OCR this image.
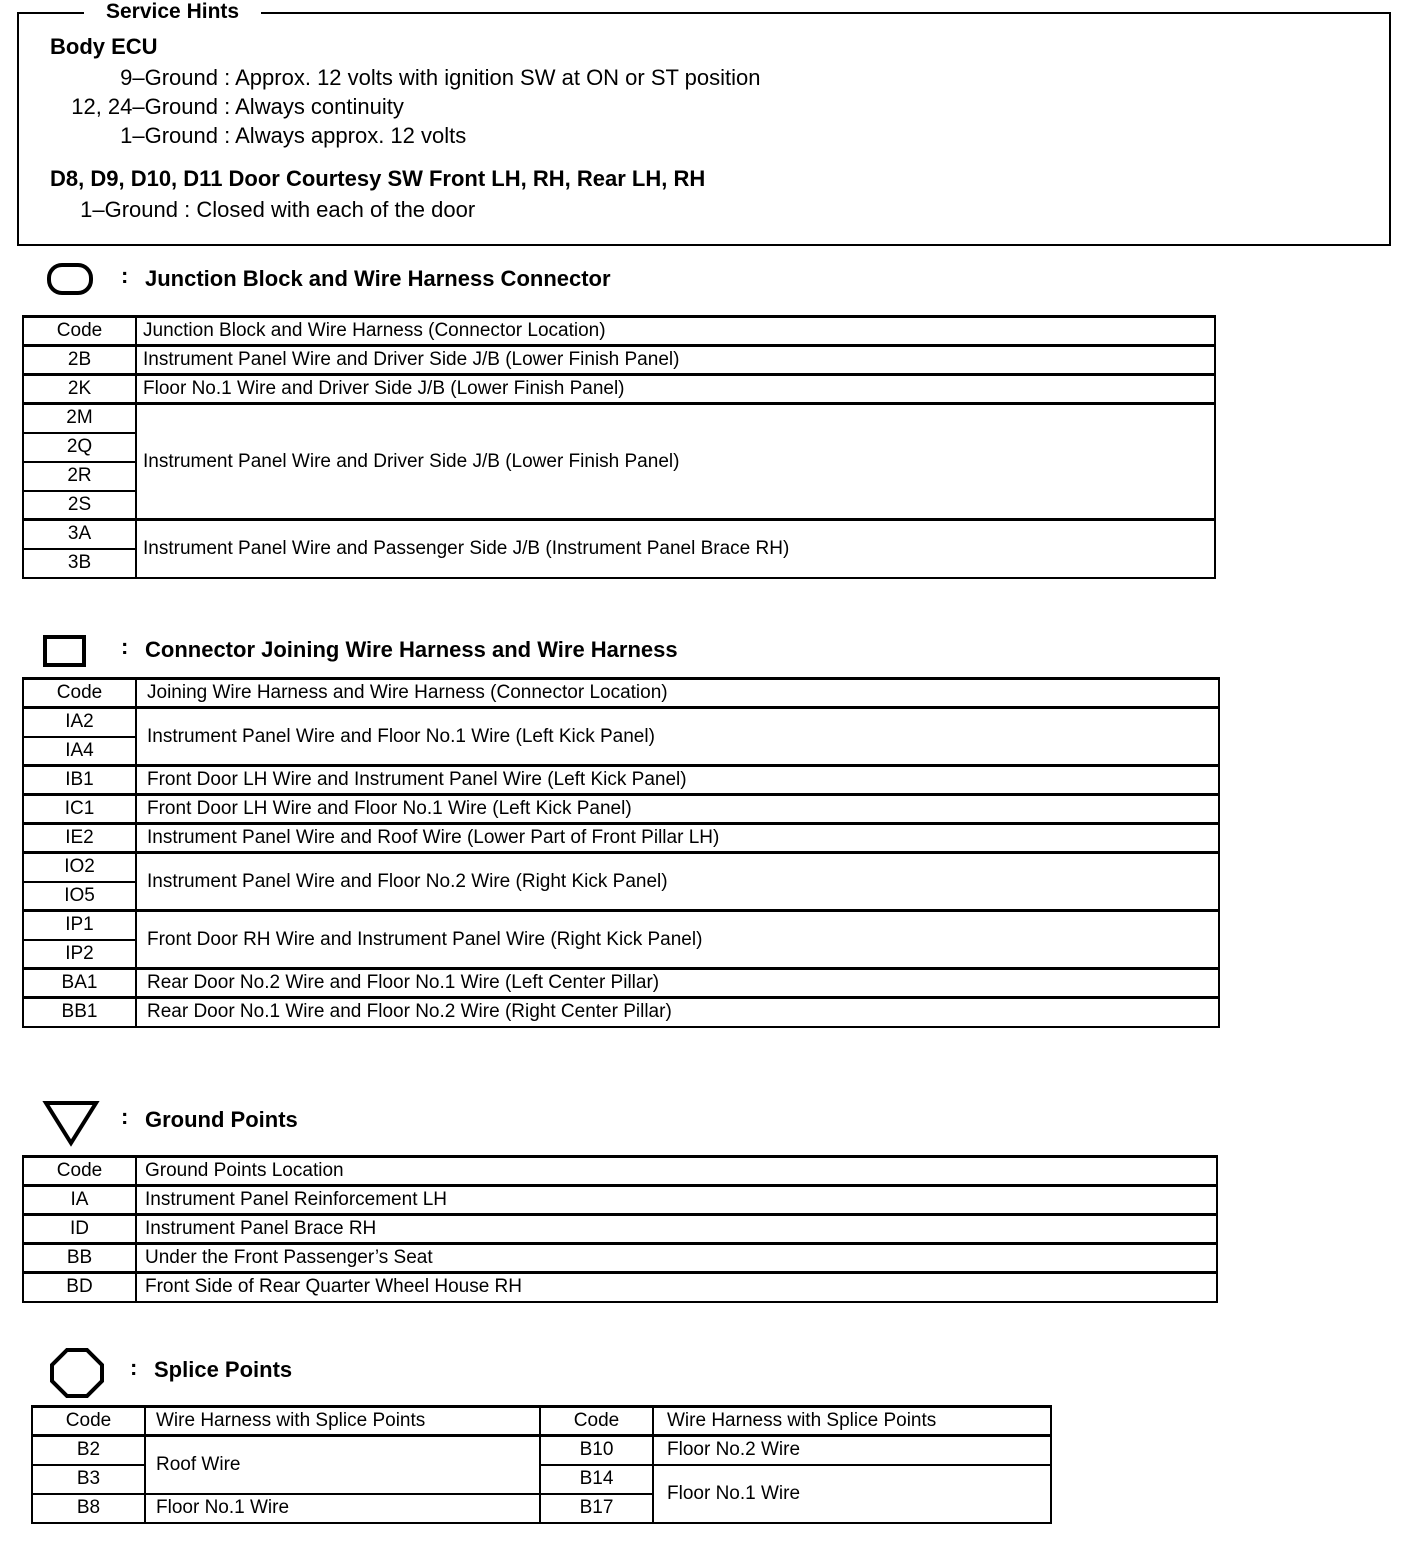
Service Hints
Body ECU
9–Ground : Approx. 12 volts with ignition SW at ON or ST position
12, 24–Ground : Always continuity
1–Ground : Always approx. 12 volts
D8, D9, D10, D11 Door Courtesy SW Front LH, RH, Rear LH, RH
1–Ground : Closed with each of the door
: Junction Block and Wire Harness Connector
Code	Junction Block and Wire Harness (Connector Location)
2B	Instrument Panel Wire and Driver Side J/B (Lower Finish Panel)
2K	Floor No.1 Wire and Driver Side J/B (Lower Finish Panel)
2M	Instrument Panel Wire and Driver Side J/B (Lower Finish Panel)
2Q	
2R	
2S	
3A	Instrument Panel Wire and Passenger Side J/B (Instrument Panel Brace RH)
3B	
: Connector Joining Wire Harness and Wire Harness
Code	Joining Wire Harness and Wire Harness (Connector Location)
IA2	Instrument Panel Wire and Floor No.1 Wire (Left Kick Panel)
IA4	
IB1	Front Door LH Wire and Instrument Panel Wire (Left Kick Panel)
IC1	Front Door LH Wire and Floor No.1 Wire (Left Kick Panel)
IE2	Instrument Panel Wire and Roof Wire (Lower Part of Front Pillar LH)
IO2	Instrument Panel Wire and Floor No.2 Wire (Right Kick Panel)
IO5	
IP1	Front Door RH Wire and Instrument Panel Wire (Right Kick Panel)
IP2	
BA1	Rear Door No.2 Wire and Floor No.1 Wire (Left Center Pillar)
BB1	Rear Door No.1 Wire and Floor No.2 Wire (Right Center Pillar)
: Ground Points
Code	Ground Points Location
IA	Instrument Panel Reinforcement LH
ID	Instrument Panel Brace RH
BB	Under the Front Passenger’s Seat
BD	Front Side of Rear Quarter Wheel House RH
: Splice Points
Code	Wire Harness with Splice Points	Code	Wire Harness with Splice Points
B2	Roof Wire	B10	Floor No.2 Wire
B3		B14	Floor No.1 Wire
B8	Floor No.1 Wire	B17	
